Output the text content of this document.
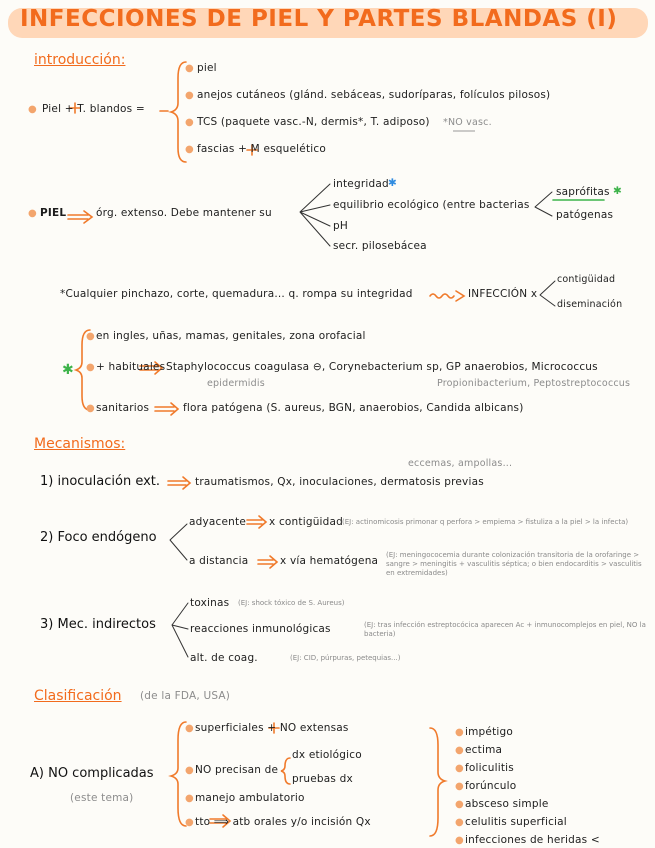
INFECCIONES DE PIEL Y PARTES BLANDAS (I)
introducción:
● Piel + T. blandos =
● piel
● anejos cutáneos (glánd. sebáceas, sudoríparas, folículos pilosos)
● TCS (paquete vasc.-N, dermis*, T. adiposo) *NO vasc.
● fascias + M esquelético
● PIEL	órg. extenso. Debe mantener su
integridad ✱
equilibrio ecológico (entre bacterias
pH
secr. pilosebácea
saprófitas ✱
patógenas
*Cualquier pinchazo, corte, quemadura... q. rompa su integridad	INFECCIÓN x
contigüidad
diseminación
✱
● en ingles, uñas, mamas, genitales, zona orofacial
● + habituales Staphylococcus coagulasa ⊖, Corynebacterium sp, GP anaerobios, Micrococcus
epidermidis	Propionibacterium, Peptostreptococcus
● sanitarios	flora patógena (S. aureus, BGN, anaerobios, Candida albicans)
Mecanismos:
eccemas, ampollas...
1) inoculación ext.	traumatismos, Qx, inoculaciones, dermatosis previas
2) Foco endógeno
adyacente x contigüidad
(EJ: actinomicosis primonar q perfora > empiema > fistuliza a la piel > la infecta)
a distancia	x vía hematógena (EJ: meningococemia durante colonización transitoria de la orofaringe > sangre > meningitis + vasculitis séptica; o bien endocarditis > vasculitis en extremidades)
3) Mec. indirectos
toxinas (EJ: shock tóxico de S. Aureus)
reacciones inmunológicas	(EJ: tras infección estreptocócica aparecen Ac + inmunocomplejos en piel, NO la bacteria)
alt. de coag.	(EJ: CID, púrpuras, petequias...)
Clasificación (de la FDA, USA)
A) NO complicadas
(este tema)
● superficiales + NO extensas
● NO precisan de
dx etiológico
pruebas dx
● manejo ambulatorio
● tto ⟹ atb orales y/o incisión Qx
● impétigo
● ectima
● foliculitis
● forúnculo
● absceso simple
● celulitis superficial
● infecciones de heridas <
